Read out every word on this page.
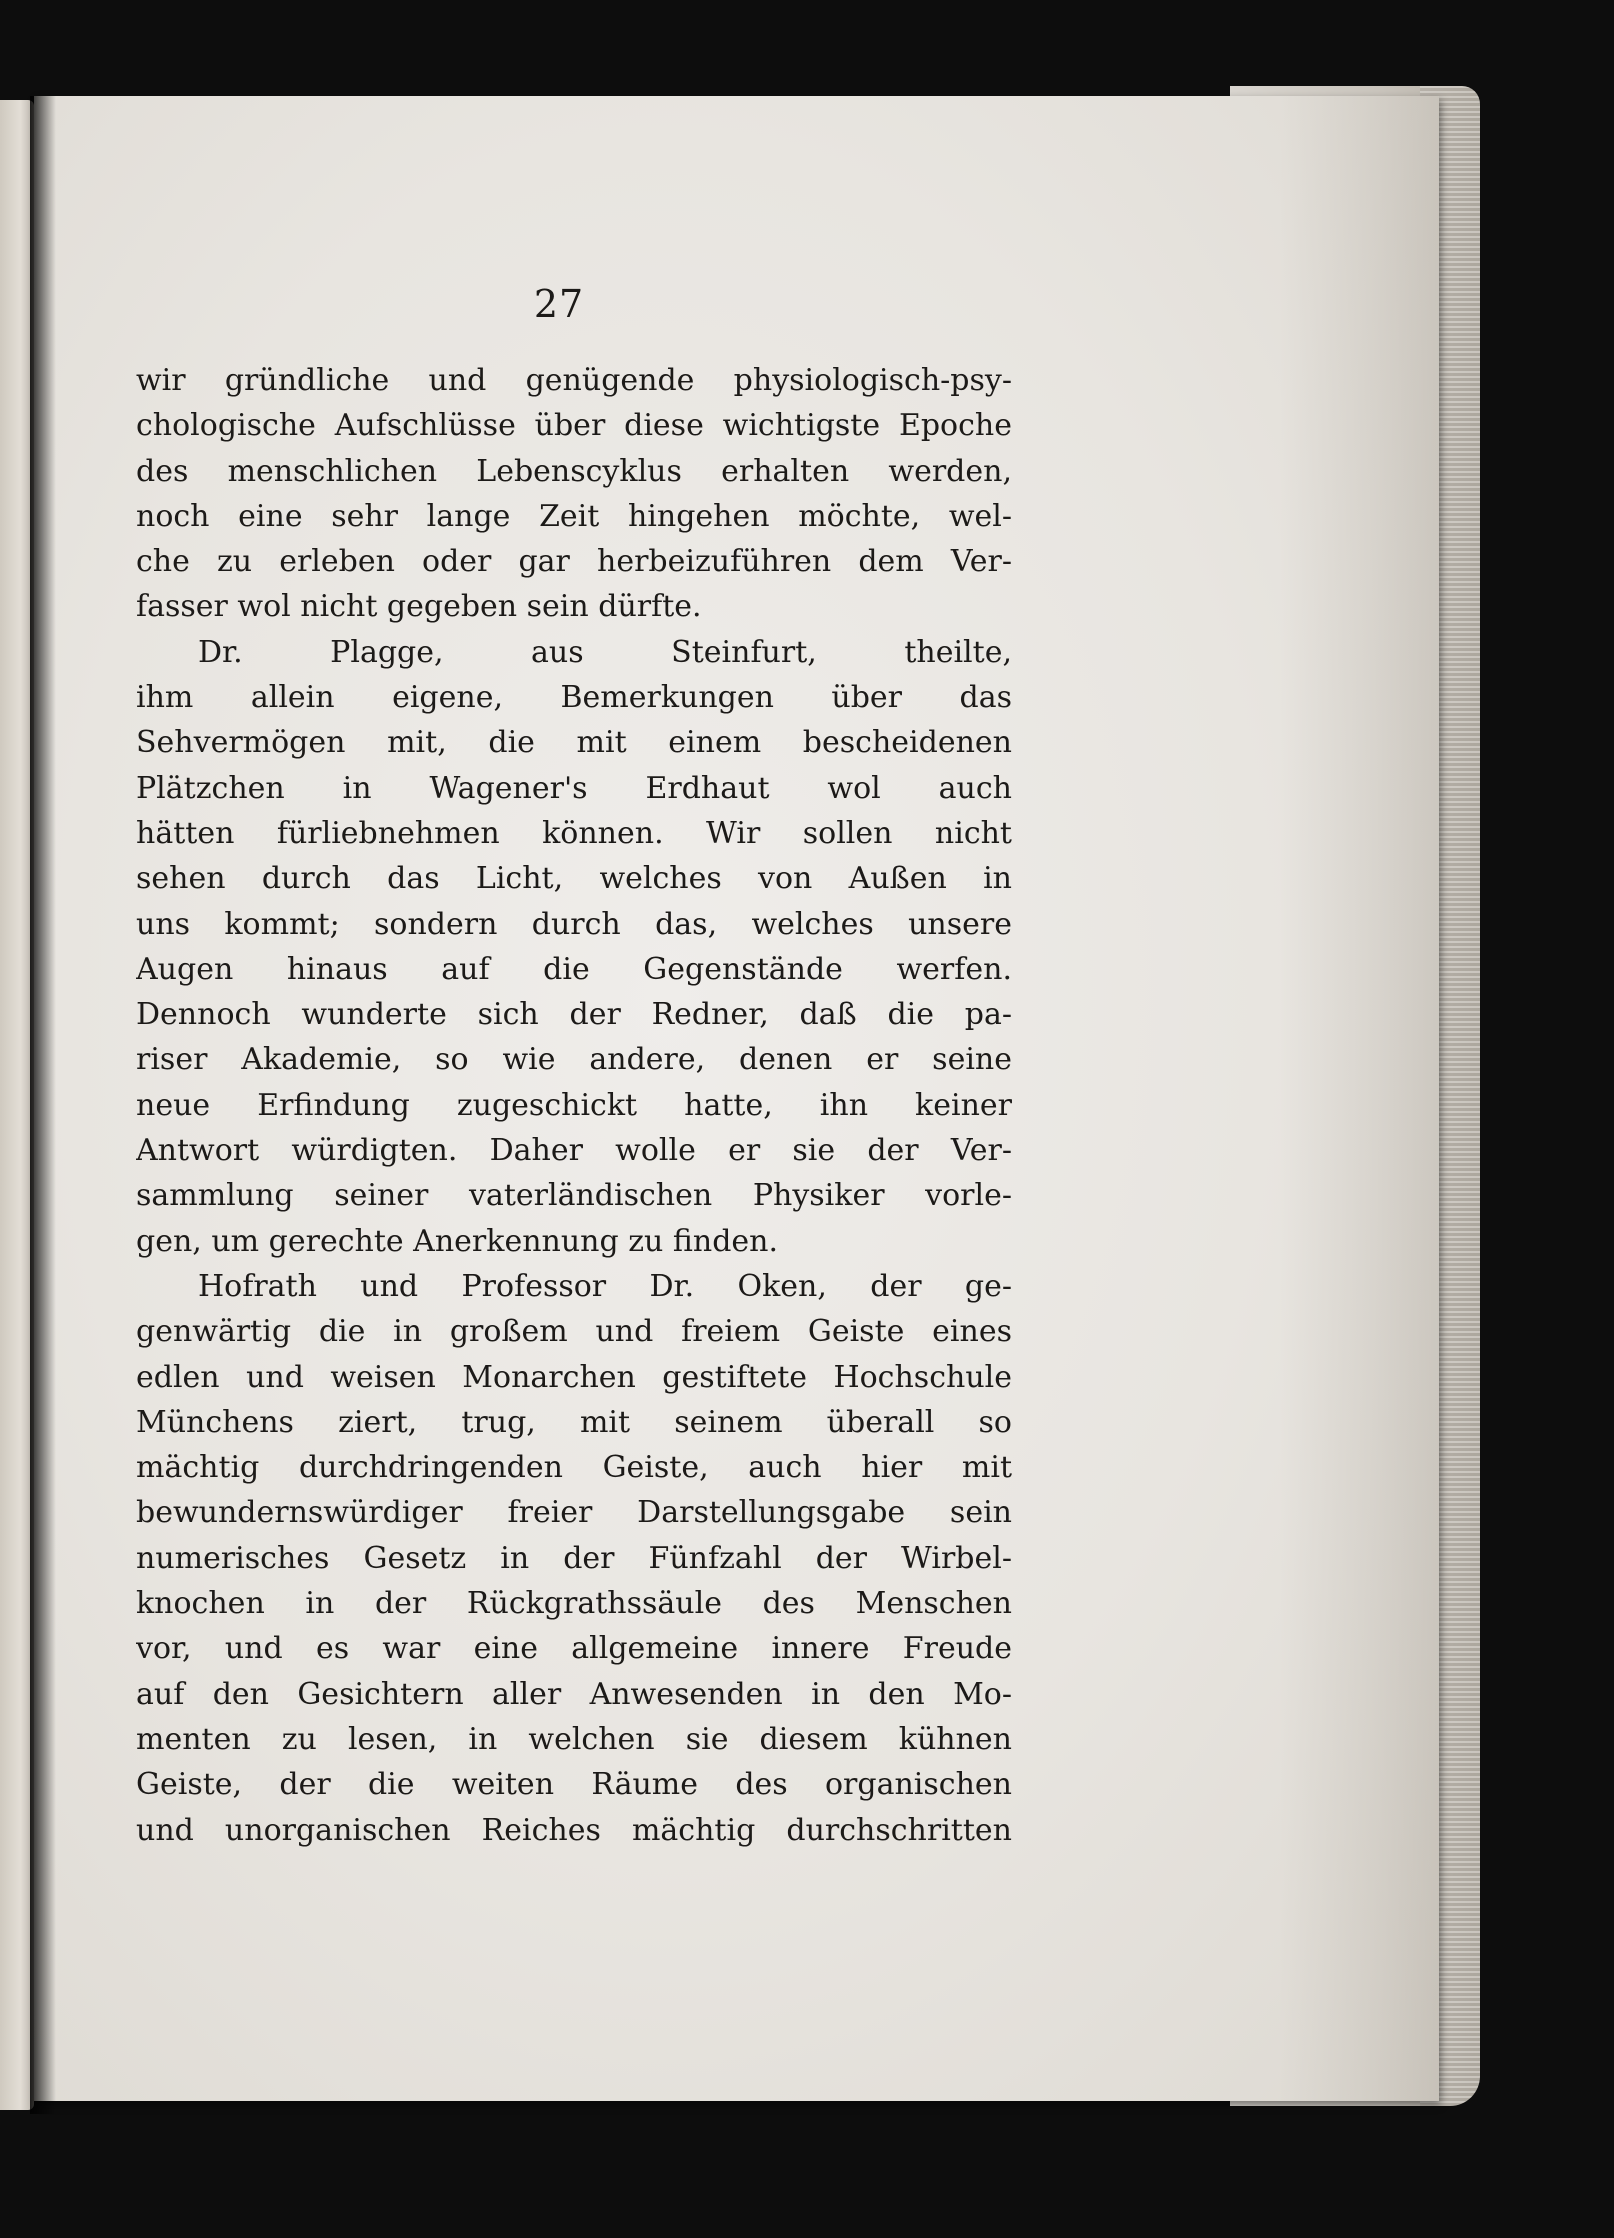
27
wir gründliche und genügende physiologisch-psy-
chologische Aufschlüsse über diese wichtigste Epoche
des menschlichen Lebenscyklus erhalten werden,
noch eine sehr lange Zeit hingehen möchte, wel-
che zu erleben oder gar herbeizuführen dem Ver-
fasser wol nicht gegeben sein dürfte.
Dr. Plagge, aus Steinfurt, theilte,
ihm allein eigene, Bemerkungen über das
Sehvermögen mit, die mit einem bescheidenen
Plätzchen in Wagener's Erdhaut wol auch
hätten fürliebnehmen können. Wir sollen nicht
sehen durch das Licht, welches von Außen in
uns kommt; sondern durch das, welches unsere
Augen hinaus auf die Gegenstände werfen.
Dennoch wunderte sich der Redner, daß die pa-
riser Akademie, so wie andere, denen er seine
neue Erfindung zugeschickt hatte, ihn keiner
Antwort würdigten. Daher wolle er sie der Ver-
sammlung seiner vaterländischen Physiker vorle-
gen, um gerechte Anerkennung zu finden.
Hofrath und Professor Dr. Oken, der ge-
genwärtig die in großem und freiem Geiste eines
edlen und weisen Monarchen gestiftete Hochschule
Münchens ziert, trug, mit seinem überall so
mächtig durchdringenden Geiste, auch hier mit
bewundernswürdiger freier Darstellungsgabe sein
numerisches Gesetz in der Fünfzahl der Wirbel-
knochen in der Rückgrathssäule des Menschen
vor, und es war eine allgemeine innere Freude
auf den Gesichtern aller Anwesenden in den Mo-
menten zu lesen, in welchen sie diesem kühnen
Geiste, der die weiten Räume des organischen
und unorganischen Reiches mächtig durchschritten
